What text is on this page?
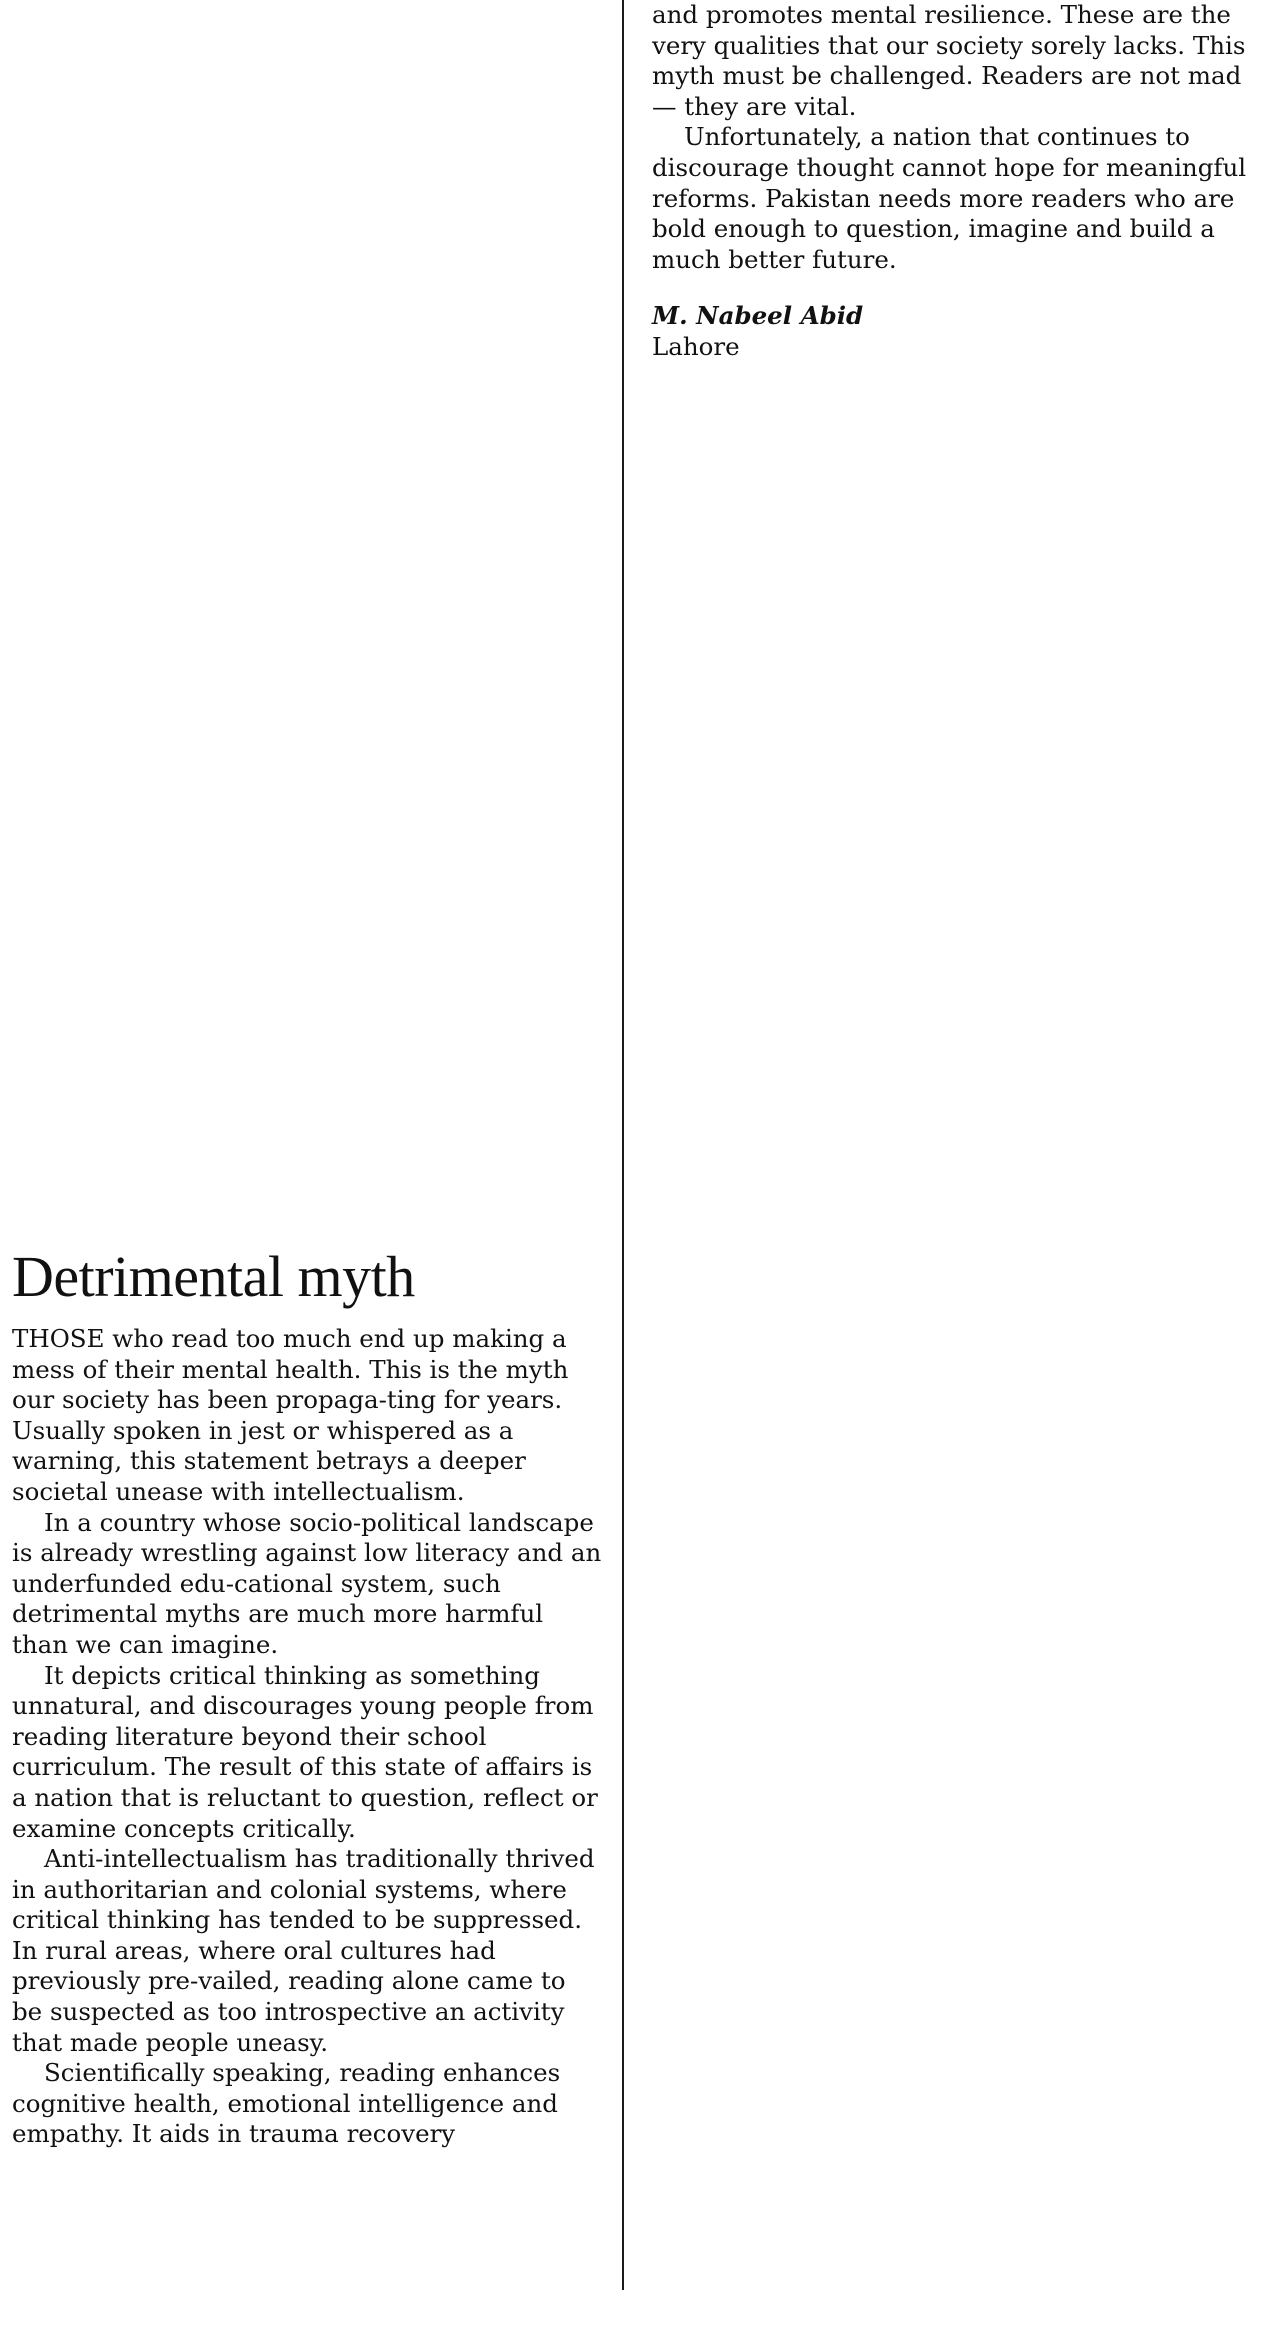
and promotes mental resilience. These are the very qualities that our society sorely lacks. This myth must be challenged. Readers are not mad — they are vital.

Unfortunately, a nation that continues to discourage thought cannot hope for meaningful reforms. Pakistan needs more readers who are bold enough to question, imagine and build a much better future.

M. Nabeel Abid
Lahore
Detrimental myth

THOSE who read too much end up making a mess of their mental health. This is the myth our society has been propaga-ting for years. Usually spoken in jest or whispered as a warning, this statement betrays a deeper societal unease with intellectualism.

In a country whose socio-political landscape is already wrestling against low literacy and an underfunded edu-cational system, such detrimental myths are much more harmful than we can imagine.

It depicts critical thinking as something unnatural, and discourages young people from reading literature beyond their school curriculum. The result of this state of affairs is a nation that is reluctant to question, reflect or examine concepts critically.

Anti-intellectualism has traditionally thrived in authoritarian and colonial systems, where critical thinking has tended to be suppressed. In rural areas, where oral cultures had previously pre-vailed, reading alone came to be suspected as too introspective an activity that made people uneasy.

Scientifically speaking, reading enhances cognitive health, emotional intelligence and empathy. It aids in trauma recovery
